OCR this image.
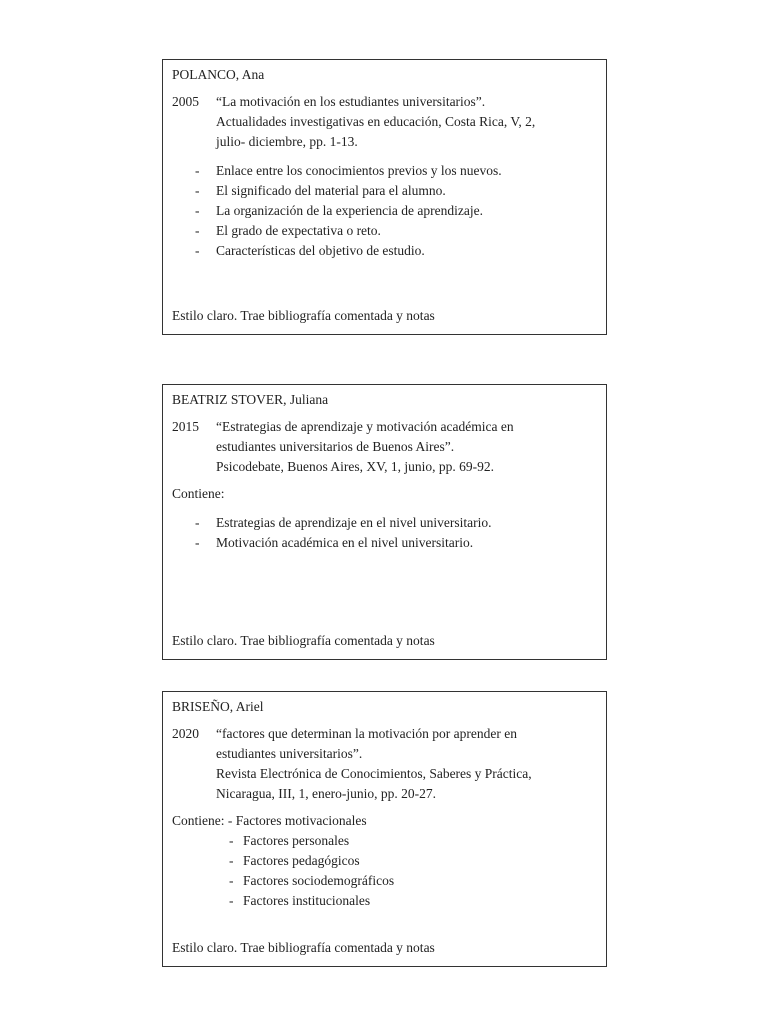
POLANCO, Ana

2005 “La motivación en los estudiantes universitarios”.
Actualidades investigativas en educación, Costa Rica, V, 2,
julio- diciembre, pp. 1-13.
- Enlace entre los conocimientos previos y los nuevos.
- El significado del material para el alumno.
- La organización de la experiencia de aprendizaje.
- El grado de expectativa o reto.
- Características del objetivo de estudio.
Estilo claro. Trae bibliografía comentada y notas

BEATRIZ STOVER, Juliana

2015 “Estrategias de aprendizaje y motivación académica en
estudiantes universitarios de Buenos Aires”.
Psicodebate, Buenos Aires, XV, 1, junio, pp. 69-92.
Contiene:
- Estrategias de aprendizaje en el nivel universitario.
- Motivación académica en el nivel universitario.
Estilo claro. Trae bibliografía comentada y notas

BRISEÑO, Ariel

2020 “factores que determinan la motivación por aprender en
estudiantes universitarios”.
Revista Electrónica de Conocimientos, Saberes y Práctica,
Nicaragua, III, 1, enero-junio, pp. 20-27.
Contiene: - Factores motivacionales
- Factores personales
- Factores pedagógicos
- Factores sociodemográficos
- Factores institucionales
Estilo claro. Trae bibliografía comentada y notas
